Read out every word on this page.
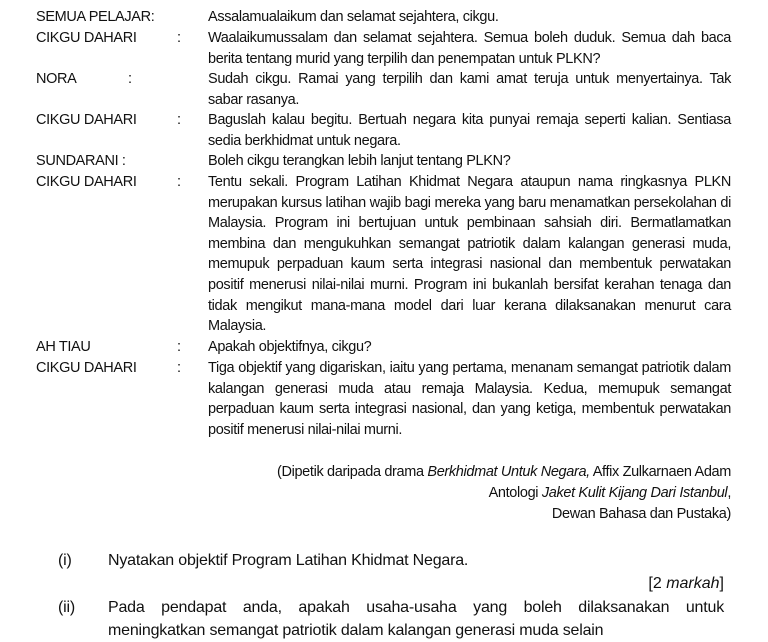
SEMUA PELAJAR:	Assalamualaikum dan selamat sejahtera, cikgu.
CIKGU DAHARI	: Waalaikumussalam dan selamat sejahtera. Semua boleh duduk. Semua dah baca berita tentang murid yang terpilih dan penempatan untuk PLKN?
NORA	:	Sudah cikgu. Ramai yang terpilih dan kami amat teruja untuk menyertainya. Tak sabar rasanya.
CIKGU DAHARI	: Baguslah kalau begitu. Bertuah negara kita punyai remaja seperti kalian. Sentiasa sedia berkhidmat untuk negara.
SUNDARANI :	Boleh cikgu terangkan lebih lanjut tentang PLKN?
CIKGU DAHARI	: Tentu sekali. Program Latihan Khidmat Negara ataupun nama ringkasnya PLKN merupakan kursus latihan wajib bagi mereka yang baru menamatkan persekolahan di Malaysia. Program ini bertujuan untuk pembinaan sahsiah diri. Bermatlamatkan membina dan mengukuhkan semangat patriotik dalam kalangan generasi muda, memupuk perpaduan kaum serta integrasi nasional dan membentuk perwatakan positif menerusi nilai-nilai murni. Program ini bukanlah bersifat kerahan tenaga dan tidak mengikut mana-mana model dari luar kerana dilaksanakan menurut cara Malaysia.
AH TIAU	: Apakah objektifnya, cikgu?
CIKGU DAHARI	: Tiga objektif yang digariskan, iaitu yang pertama, menanam semangat patriotik dalam kalangan generasi muda atau remaja Malaysia. Kedua, memupuk semangat perpaduan kaum serta integrasi nasional, dan yang ketiga, membentuk perwatakan positif menerusi nilai-nilai murni.
(Dipetik daripada drama Berkhidmat Untuk Negara, Affix Zulkarnaen Adam
Antologi Jaket Kulit Kijang Dari Istanbul,
Dewan Bahasa dan Pustaka)
(i) Nyatakan objektif Program Latihan Khidmat Negara.
[2 markah]
(ii) Pada pendapat anda, apakah usaha-usaha yang boleh dilaksanakan untuk meningkatkan semangat patriotik dalam kalangan generasi muda selain
